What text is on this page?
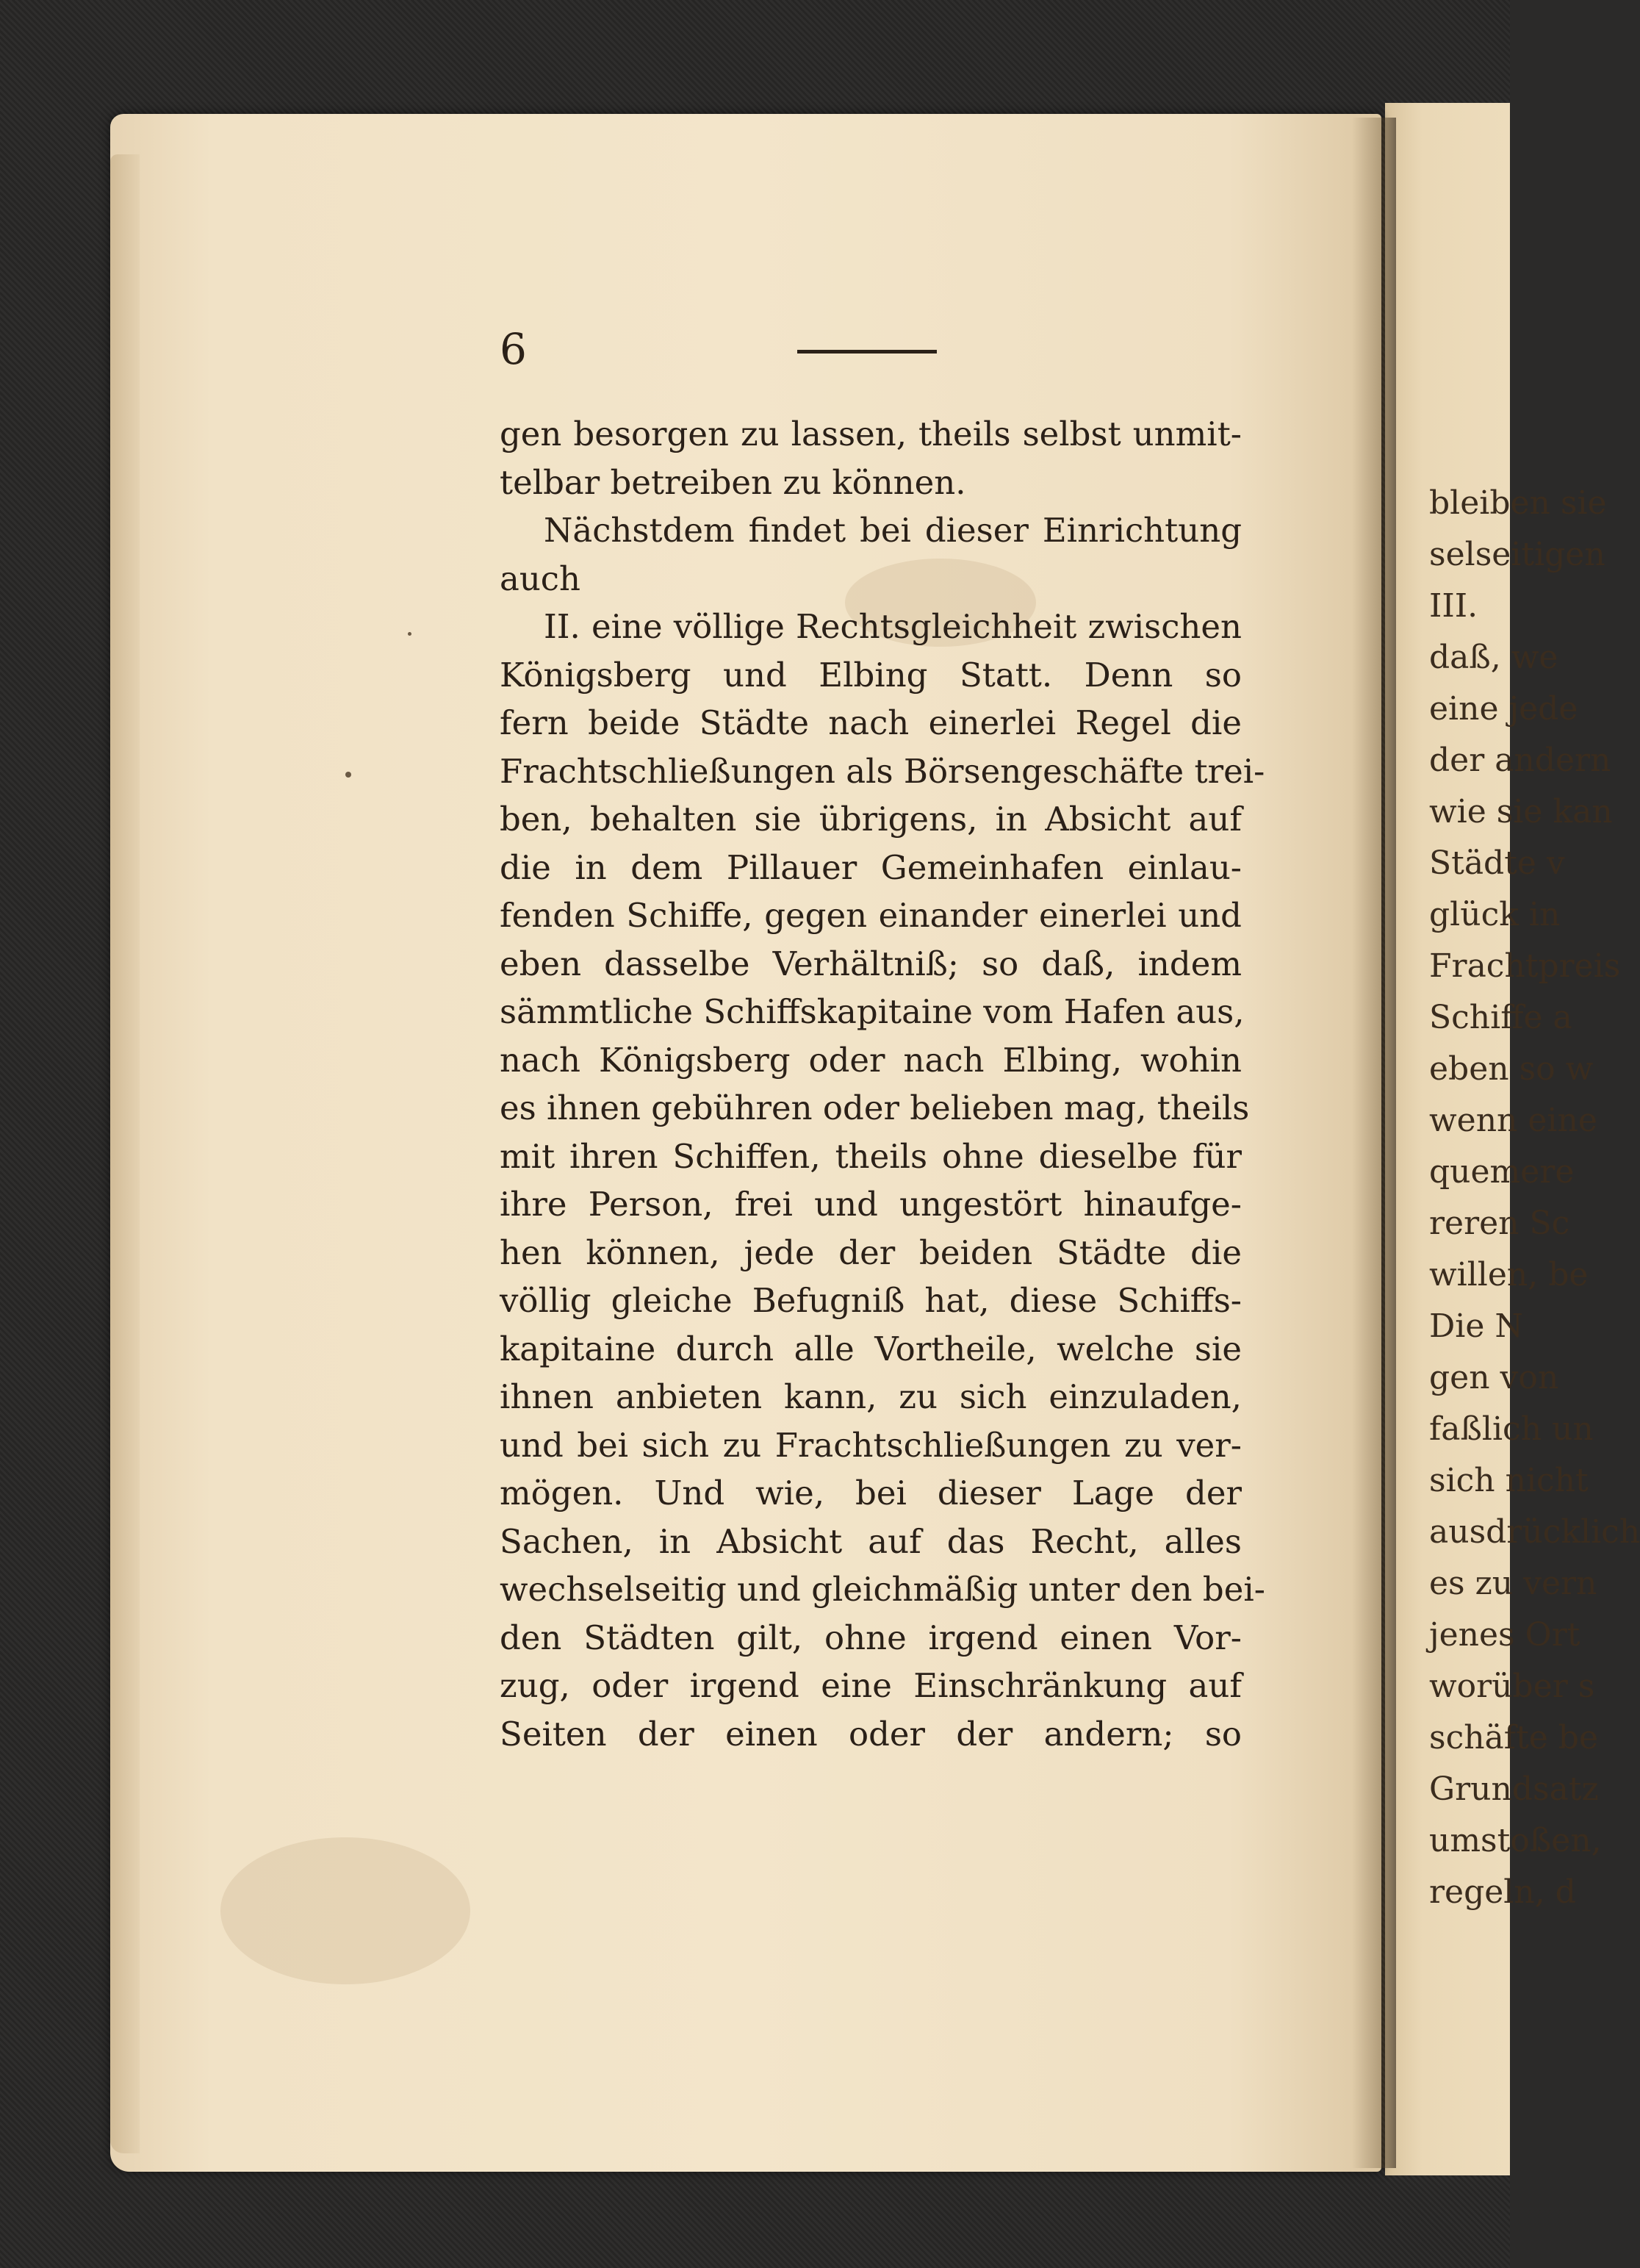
bleiben sie
selseitigen
III.
daß, we
eine jede
der andern
wie sie kan
Städte v
glück in
Frachtpreis
Schiffe a
eben so w
wenn eine
quemere
reren Sc
willen, be
Die N
gen von
faßlich un
sich nicht
ausdrücklich
es zu vern
jenes Ort
worüber s
schäfte be
Grundsatz
umstoßen,
regeln, d
6
gen besorgen zu lassen, theils selbst unmit-
telbar betreiben zu können.
Nächstdem findet bei dieser Einrichtung
auch
II. eine völlige Rechtsgleichheit zwischen
Königsberg und Elbing Statt. Denn so
fern beide Städte nach einerlei Regel die
Frachtschließungen als Börsengeschäfte trei-
ben, behalten sie übrigens, in Absicht auf
die in dem Pillauer Gemeinhafen einlau-
fenden Schiffe, gegen einander einerlei und
eben dasselbe Verhältniß; so daß, indem
sämmtliche Schiffskapitaine vom Hafen aus,
nach Königsberg oder nach Elbing, wohin
es ihnen gebühren oder belieben mag, theils
mit ihren Schiffen, theils ohne dieselbe für
ihre Person, frei und ungestört hinaufge-
hen können, jede der beiden Städte die
völlig gleiche Befugniß hat, diese Schiffs-
kapitaine durch alle Vortheile, welche sie
ihnen anbieten kann, zu sich einzuladen,
und bei sich zu Frachtschließungen zu ver-
mögen. Und wie, bei dieser Lage der
Sachen, in Absicht auf das Recht, alles
wechselseitig und gleichmäßig unter den bei-
den Städten gilt, ohne irgend einen Vor-
zug, oder irgend eine Einschränkung auf
Seiten der einen oder der andern; so
